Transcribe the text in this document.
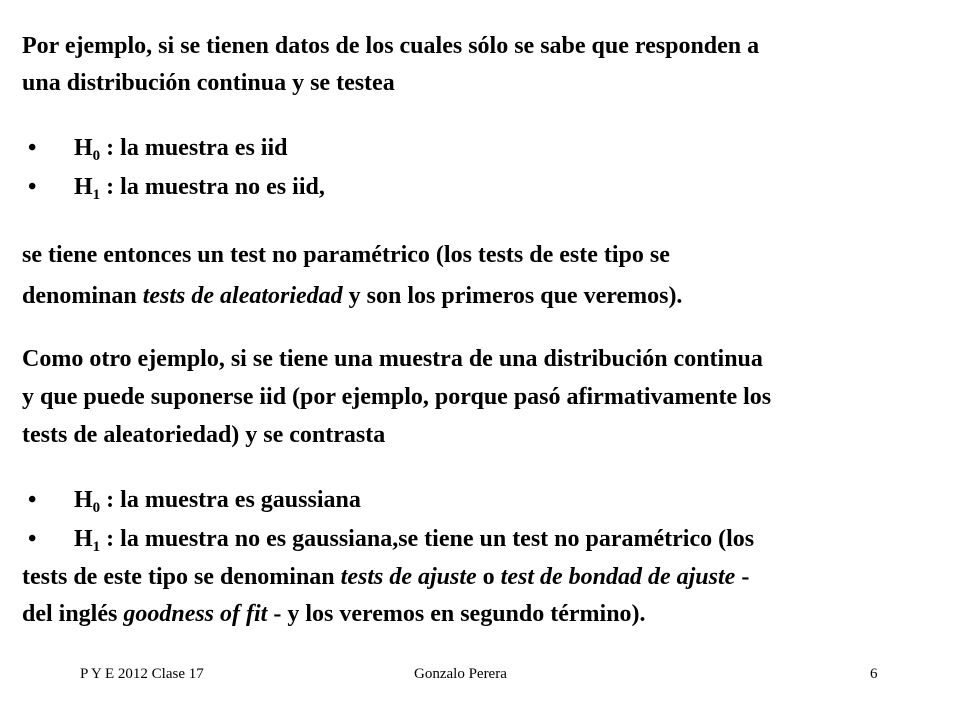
Por ejemplo, si se tienen datos de los cuales sólo se sabe que responden a
una distribución continua y se testea
• $H_0$ : la muestra es iid
• $H_1$ : la muestra no es iid,
se tiene entonces un test no paramétrico (los tests de este tipo se
denominan tests de aleatoriedad y son los primeros que veremos).
Como otro ejemplo, si se tiene una muestra de una distribución continua
y que puede suponerse iid (por ejemplo, porque pasó afirmativamente los
tests de aleatoriedad) y se contrasta
• $H_0$ : la muestra es gaussiana
• $H_1$ : la muestra no es gaussiana,se tiene un test no paramétrico (los
tests de este tipo se denominan tests de ajuste o test de bondad de ajuste -
del inglés goodness of fit - y los veremos en segundo término).
P Y E 2012 Clase 17	Gonzalo Perera	6
